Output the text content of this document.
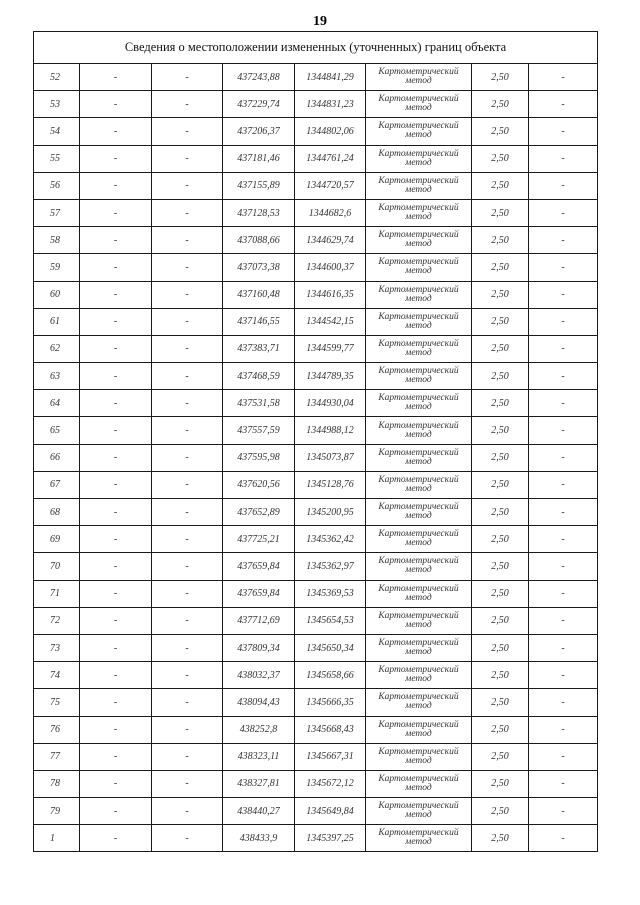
19
Сведения о местоположении измененных (уточненных) границ объекта							
52	-	-	437243,88	1344841,29	Картометрический метод	2,50	-
53	-	-	437229,74	1344831,23	Картометрический метод	2,50	-
54	-	-	437206,37	1344802,06	Картометрический метод	2,50	-
55	-	-	437181,46	1344761,24	Картометрический метод	2,50	-
56	-	-	437155,89	1344720,57	Картометрический метод	2,50	-
57	-	-	437128,53	1344682,6	Картометрический метод	2,50	-
58	-	-	437088,66	1344629,74	Картометрический метод	2,50	-
59	-	-	437073,38	1344600,37	Картометрический метод	2,50	-
60	-	-	437160,48	1344616,35	Картометрический метод	2,50	-
61	-	-	437146,55	1344542,15	Картометрический метод	2,50	-
62	-	-	437383,71	1344599,77	Картометрический метод	2,50	-
63	-	-	437468,59	1344789,35	Картометрический метод	2,50	-
64	-	-	437531,58	1344930,04	Картометрический метод	2,50	-
65	-	-	437557,59	1344988,12	Картометрический метод	2,50	-
66	-	-	437595,98	1345073,87	Картометрический метод	2,50	-
67	-	-	437620,56	1345128,76	Картометрический метод	2,50	-
68	-	-	437652,89	1345200,95	Картометрический метод	2,50	-
69	-	-	437725,21	1345362,42	Картометрический метод	2,50	-
70	-	-	437659,84	1345362,97	Картометрический метод	2,50	-
71	-	-	437659,84	1345369,53	Картометрический метод	2,50	-
72	-	-	437712,69	1345654,53	Картометрический метод	2,50	-
73	-	-	437809,34	1345650,34	Картометрический метод	2,50	-
74	-	-	438032,37	1345658,66	Картометрический метод	2,50	-
75	-	-	438094,43	1345666,35	Картометрический метод	2,50	-
76	-	-	438252,8	1345668,43	Картометрический метод	2,50	-
77	-	-	438323,11	1345667,31	Картометрический метод	2,50	-
78	-	-	438327,81	1345672,12	Картометрический метод	2,50	-
79	-	-	438440,27	1345649,84	Картометрический метод	2,50	-
1	-	-	438433,9	1345397,25	Картометрический метод	2,50	-
